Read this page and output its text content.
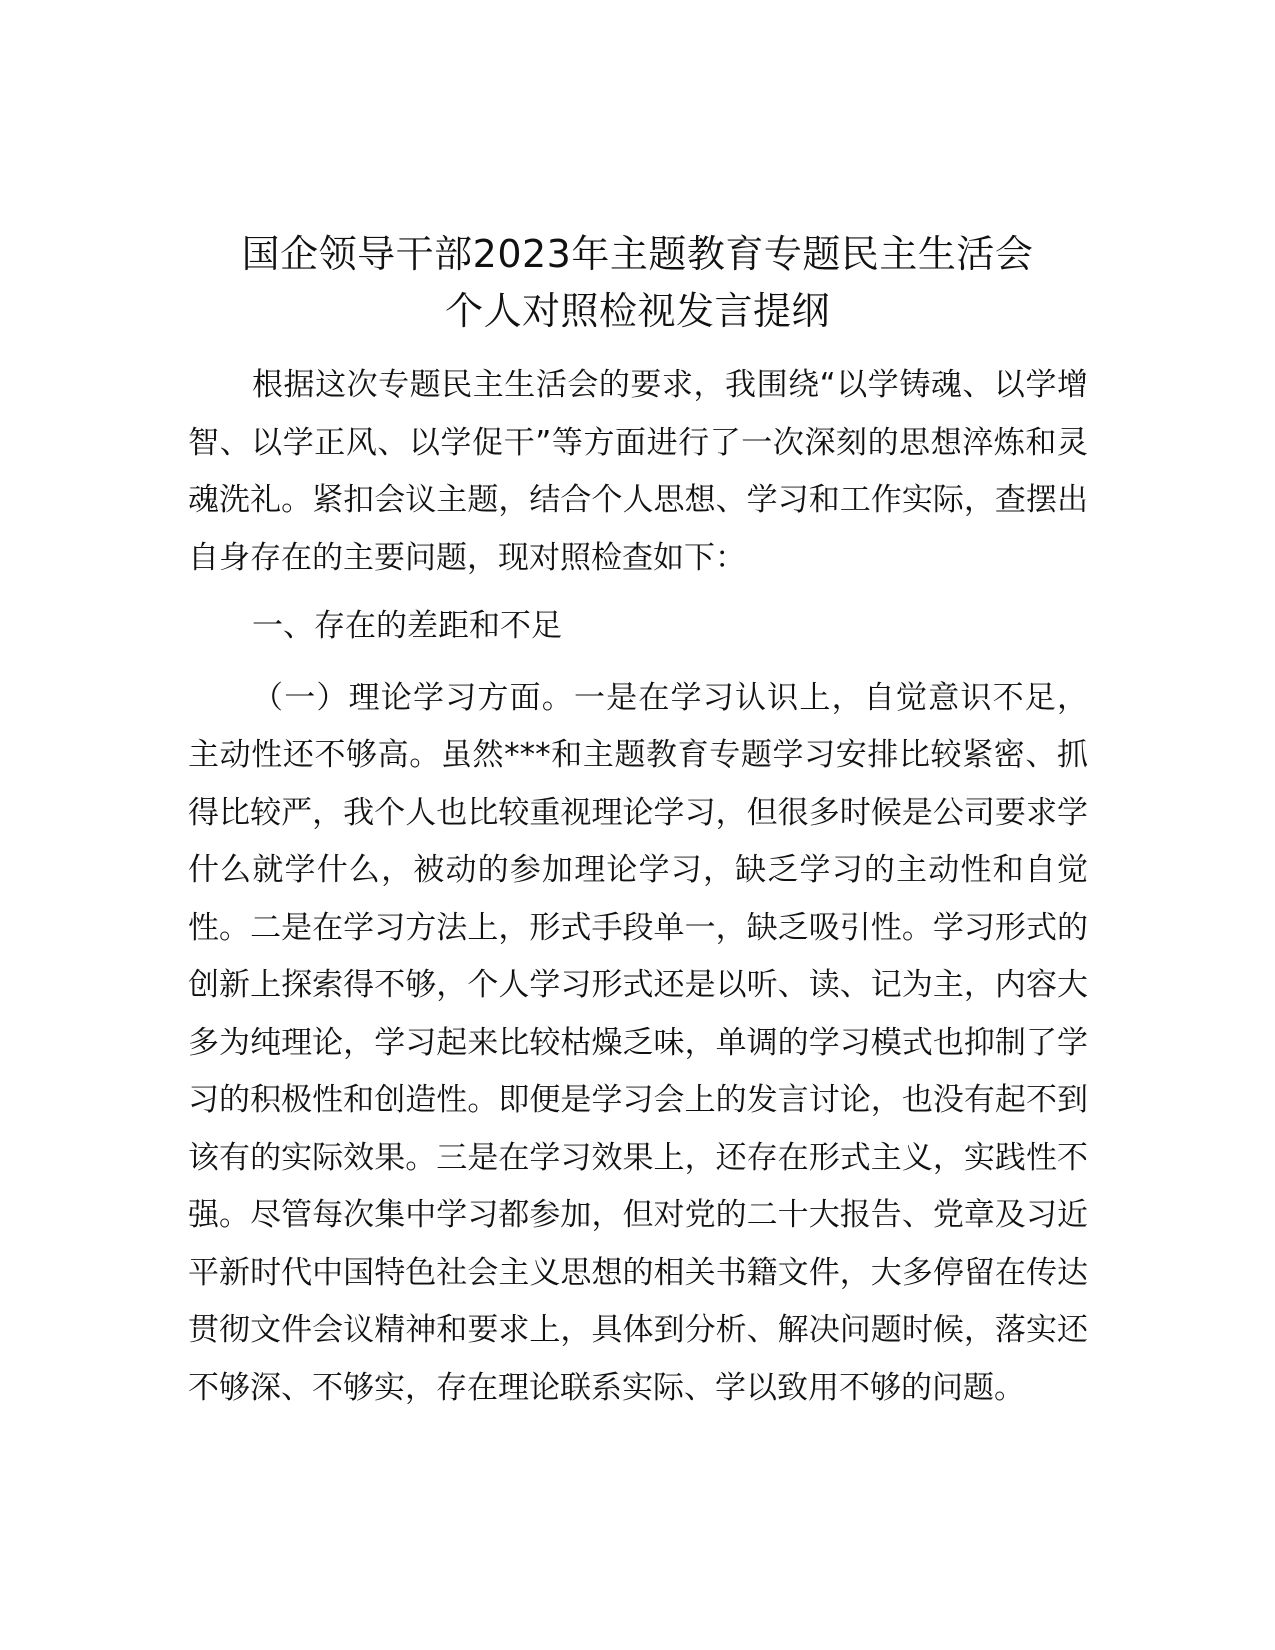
国企领导干部2023年主题教育专题民主生活会
个人对照检视发言提纲

根据这次专题民主生活会的要求，我围绕“以学铸魂、以学增智、以学正风、以学促干”等方面进行了一次深刻的思想淬炼和灵魂洗礼。紧扣会议主题，结合个人思想、学习和工作实际，查摆出自身存在的主要问题，现对照检查如下：

一、存在的差距和不足

（一）理论学习方面。一是在学习认识上，自觉意识不足，主动性还不够高。虽然***和主题教育专题学习安排比较紧密、抓得比较严，我个人也比较重视理论学习，但很多时候是公司要求学什么就学什么，被动的参加理论学习，缺乏学习的主动性和自觉性。二是在学习方法上，形式手段单一，缺乏吸引性。学习形式的创新上探索得不够，个人学习形式还是以听、读、记为主，内容大多为纯理论，学习起来比较枯燥乏味，单调的学习模式也抑制了学习的积极性和创造性。即便是学习会上的发言讨论，也没有起不到该有的实际效果。三是在学习效果上，还存在形式主义，实践性不强。尽管每次集中学习都参加，但对党的二十大报告、党章及习近平新时代中国特色社会主义思想的相关书籍文件，大多停留在传达贯彻文件会议精神和要求上，具体到分析、解决问题时候，落实还不够深、不够实，存在理论联系实际、学以致用不够的问题。
